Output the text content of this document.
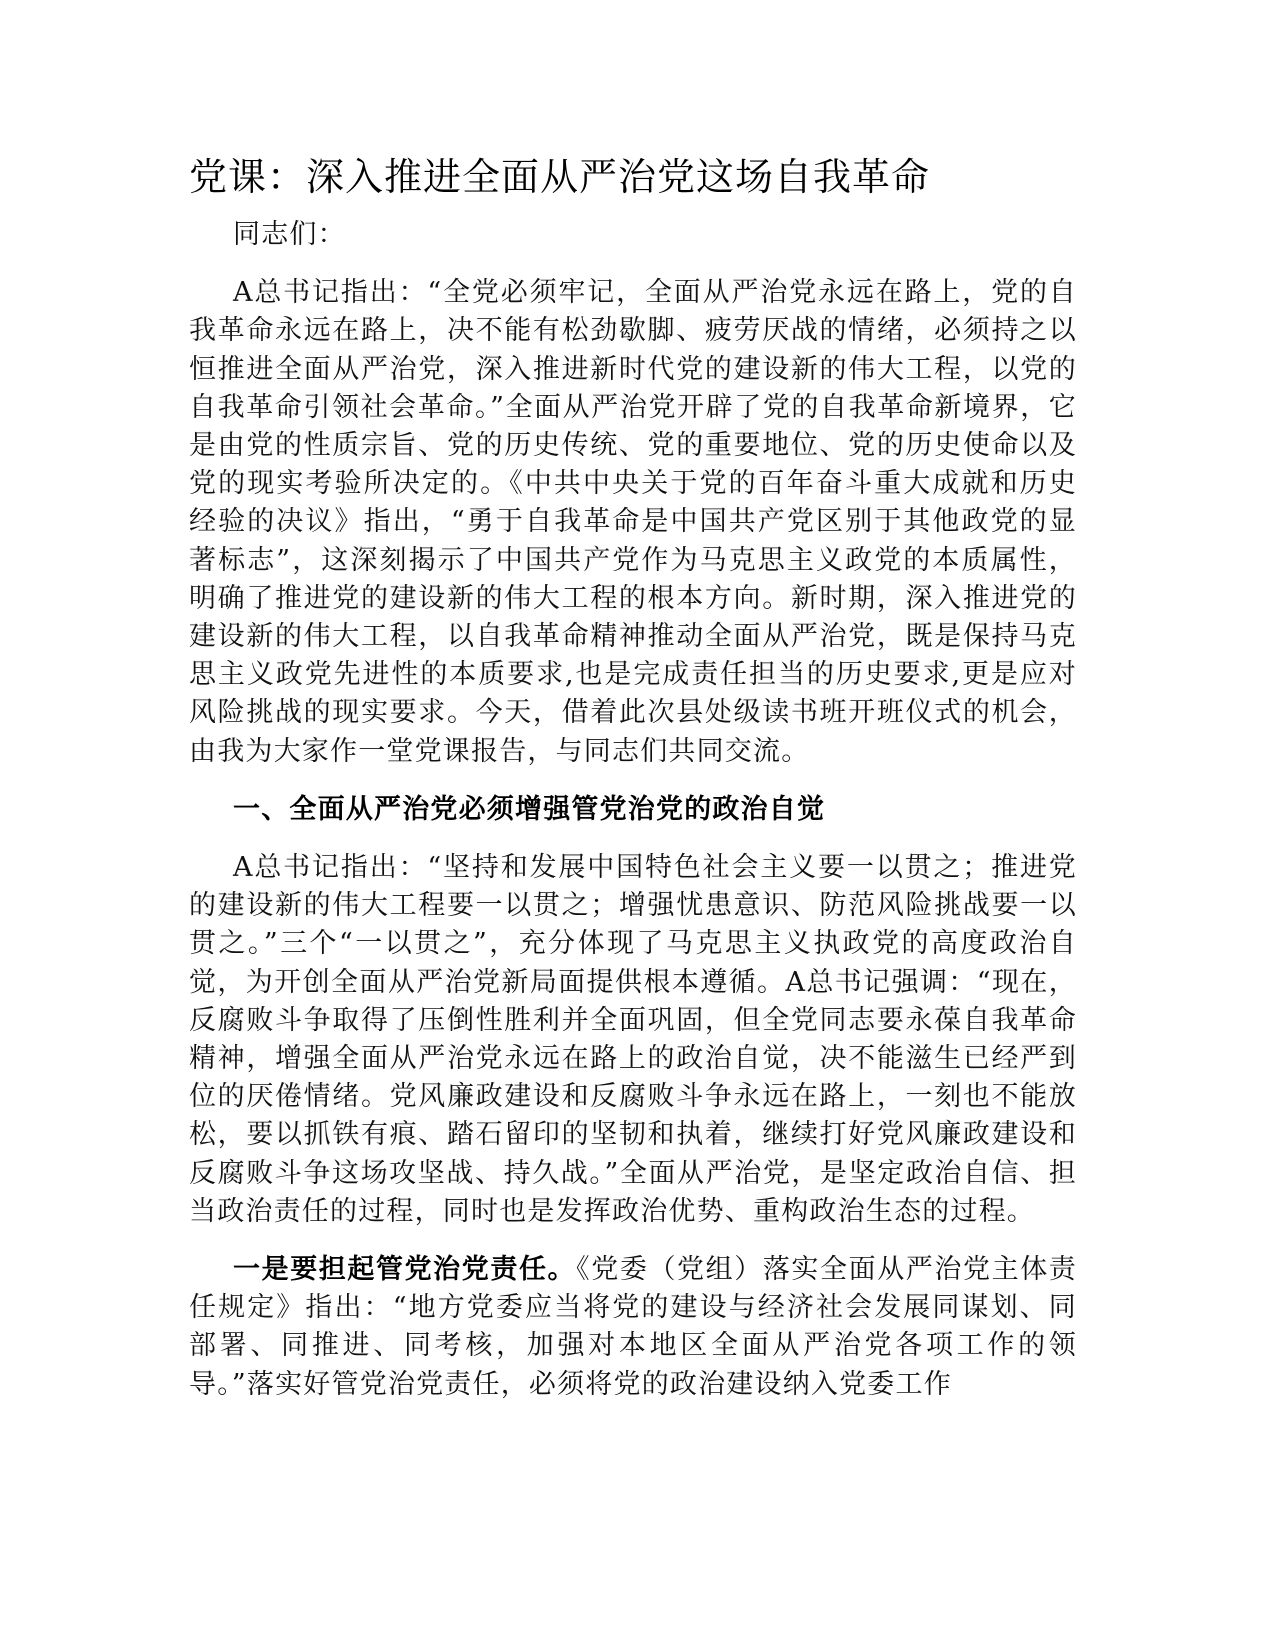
党课：深入推进全面从严治党这场自我革命

同志们：

A总书记指出：“全党必须牢记，全面从严治党永远在路上，党的自我革命永远在路上，决不能有松劲歇脚、疲劳厌战的情绪，必须持之以恒推进全面从严治党，深入推进新时代党的建设新的伟大工程，以党的自我革命引领社会革命。”全面从严治党开辟了党的自我革命新境界，它是由党的性质宗旨、党的历史传统、党的重要地位、党的历史使命以及党的现实考验所决定的。《中共中央关于党的百年奋斗重大成就和历史经验的决议》指出，“勇于自我革命是中国共产党区别于其他政党的显著标志”，这深刻揭示了中国共产党作为马克思主义政党的本质属性，明确了推进党的建设新的伟大工程的根本方向。新时期，深入推进党的建设新的伟大工程，以自我革命精神推动全面从严治党，既是保持马克思主义政党先进性的本质要求,也是完成责任担当的历史要求,更是应对风险挑战的现实要求。今天，借着此次县处级读书班开班仪式的机会，由我为大家作一堂党课报告，与同志们共同交流。

一、全面从严治党必须增强管党治党的政治自觉

A总书记指出：“坚持和发展中国特色社会主义要一以贯之；推进党的建设新的伟大工程要一以贯之；增强忧患意识、防范风险挑战要一以贯之。”三个“一以贯之”，充分体现了马克思主义执政党的高度政治自觉，为开创全面从严治党新局面提供根本遵循。A总书记强调：“现在，反腐败斗争取得了压倒性胜利并全面巩固，但全党同志要永葆自我革命精神，增强全面从严治党永远在路上的政治自觉，决不能滋生已经严到位的厌倦情绪。党风廉政建设和反腐败斗争永远在路上，一刻也不能放松，要以抓铁有痕、踏石留印的坚韧和执着，继续打好党风廉政建设和反腐败斗争这场攻坚战、持久战。”全面从严治党，是坚定政治自信、担当政治责任的过程，同时也是发挥政治优势、重构政治生态的过程。

一是要担起管党治党责任。《党委（党组）落实全面从严治党主体责任规定》指出：“地方党委应当将党的建设与经济社会发展同谋划、同部署、同推进、同考核，加强对本地区全面从严治党各项工作的领导。”落实好管党治党责任，必须将党的政治建设纳入党委工作
